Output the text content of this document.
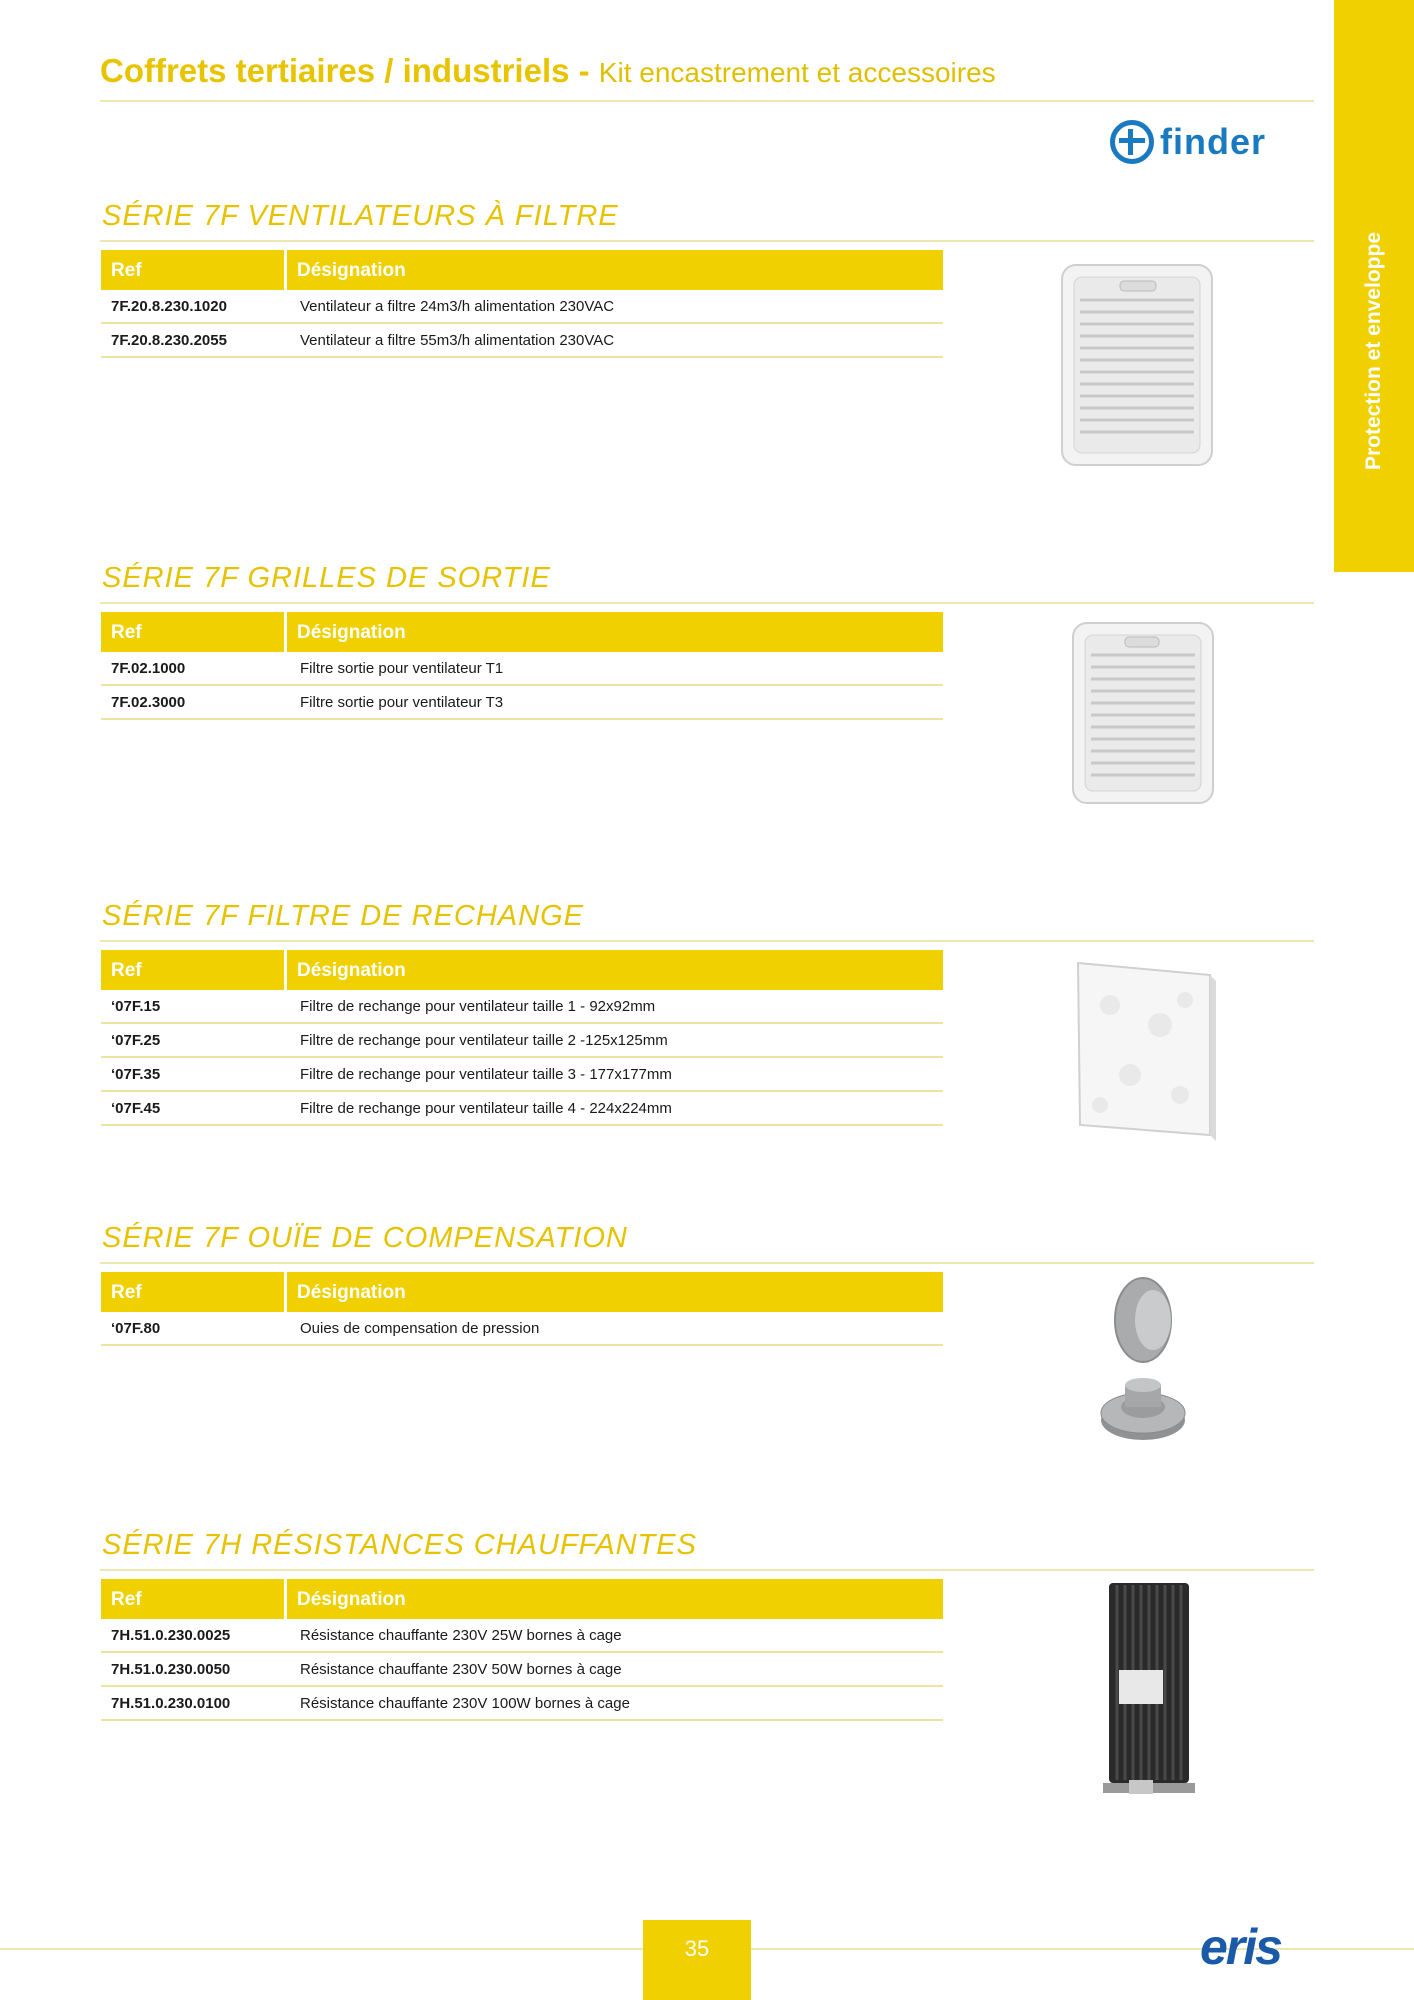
Protection et enveloppe
Coffrets tertiaires / industriels - Kit encastrement et accessoires
finder
SÉRIE 7F VENTILATEURS À FILTRE
Ref	Désignation
7F.20.8.230.1020	Ventilateur a filtre 24m3/h alimentation 230VAC
7F.20.8.230.2055	Ventilateur a filtre 55m3/h alimentation 230VAC
SÉRIE 7F GRILLES DE SORTIE
Ref	Désignation
7F.02.1000	Filtre sortie pour ventilateur T1
7F.02.3000	Filtre sortie pour ventilateur T3
SÉRIE 7F FILTRE DE RECHANGE
Ref	Désignation
‘07F.15	Filtre de rechange pour ventilateur taille 1 - 92x92mm
‘07F.25	Filtre de rechange pour ventilateur taille 2 -125x125mm
‘07F.35	Filtre de rechange pour ventilateur taille 3 - 177x177mm
‘07F.45	Filtre de rechange pour ventilateur taille 4 - 224x224mm
SÉRIE 7F OUÏE DE COMPENSATION
Ref	Désignation
‘07F.80	Ouies de compensation de pression
SÉRIE 7H RÉSISTANCES CHAUFFANTES
Ref	Désignation
7H.51.0.230.0025	Résistance chauffante 230V 25W bornes à cage
7H.51.0.230.0050	Résistance chauffante 230V 50W bornes à cage
7H.51.0.230.0100	Résistance chauffante 230V 100W bornes à cage
35	eris
